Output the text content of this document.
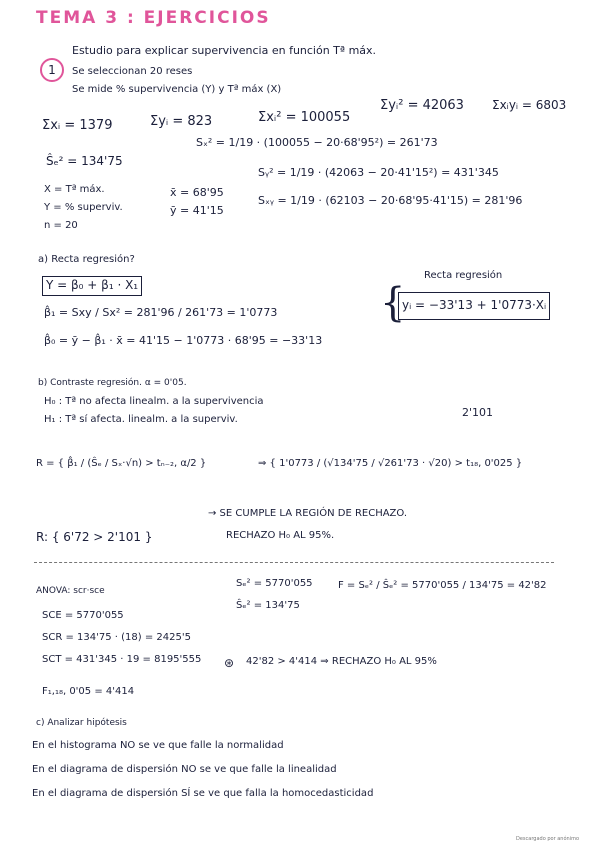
TEMA 3 : EJERCICIOS
1
Estudio para explicar supervivencia en función Tª máx.
Se seleccionan 20 reses
Se mide % supervivencia (Y) y Tª máx (X)
Σxᵢ = 1379	Σyᵢ = 823	Σxᵢ² = 100055
Σyᵢ² = 42063 Σxᵢyᵢ = 6803
Ŝₑ² = 134'75
Sₓ² = 1/19 · (100055 − 20·68'95²) = 261'73
Sᵧ² = 1/19 · (42063 − 20·41'15²) = 431'345
Sₓᵧ = 1/19 · (62103 − 20·68'95·41'15) = 281'96
X = Tª máx.
Y = % superviv.
n = 20
x̄ = 68'95
ȳ = 41'15
a) Recta regresión?
Y = β₀ + β₁ · X₁
β̂₁ = Sxy / Sx² = 281'96 / 261'73 = 1'0773
β̂₀ = ȳ − β̂₁ · x̄ = 41'15 − 1'0773 · 68'95 = −33'13
{
Recta regresión
yᵢ = −33'13 + 1'0773·Xᵢ
b) Contraste regresión. α = 0'05.
H₀ : Tª no afecta linealm. a la supervivencia
H₁ : Tª sí afecta. linealm. a la superviv.
2'101
R = { β̂₁ / (Ŝₑ / Sₓ·√n) > tₙ₋₂, α/2 }	⇒ { 1'0773 / (√134'75 / √261'73 · √20) > t₁₈, 0'025 }
R: { 6'72 > 2'101 }
→ SE CUMPLE LA REGIÓN DE RECHAZO.
RECHAZO H₀ AL 95%.
ANOVA: scr·sce
SCE = 5770'055
SCR = 134'75 · (18) = 2425'5
SCT = 431'345 · 19 = 8195'555
F₁,₁₈, 0'05 = 4'414
Sₑ² = 5770'055
Ŝₑ² = 134'75
F = Sₑ² / Ŝₑ² = 5770'055 / 134'75 = 42'82
⊛ 42'82 > 4'414 ⇒ RECHAZO H₀ AL 95%
c) Analizar hipótesis
En el histograma NO se ve que falle la normalidad
En el diagrama de dispersión NO se ve que falle la linealidad
En el diagrama de dispersión SÍ se ve que falla la homocedasticidad
Descargado por anónimo
